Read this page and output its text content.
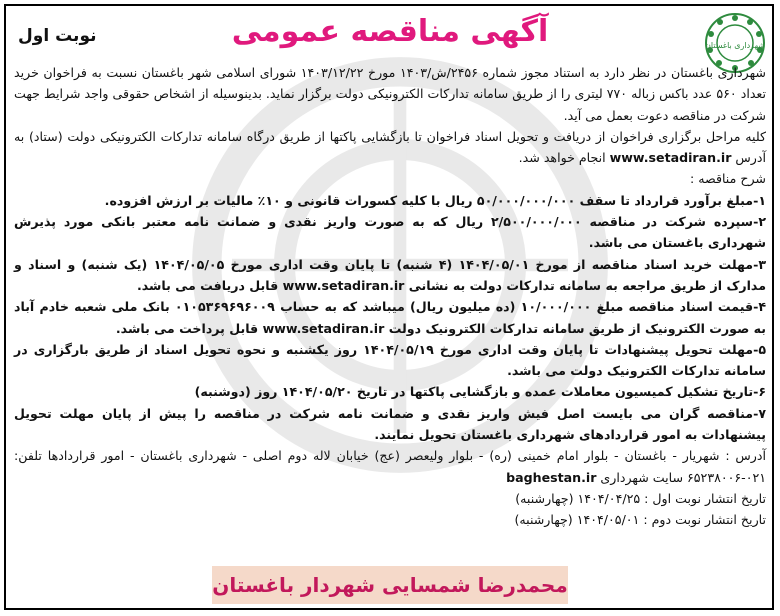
شهرداری باغستان
آگهی مناقصه عمومی
نوبت اول

شهرداری باغستان در نظر دارد به استناد مجوز شماره ۲۴۵۶/ش/۱۴۰۳ مورخ ۱۴۰۳/۱۲/۲۲ شورای اسلامی شهر باغستان نسبت به فراخوان خرید تعداد ۵۶۰ عدد باکس زباله ۷۷۰ لیتری را از طریق سامانه تدارکات الکترونیکی دولت برگزار نماید. بدینوسیله از اشخاص حقوقی واجد شرایط جهت شرکت در مناقصه دعوت بعمل می آید.

کلیه مراحل برگزاری فراخوان از دریافت و تحویل اسناد فراخوان تا بازگشایی پاکتها از طریق درگاه سامانه تدارکات الکترونیکی دولت (ستاد) به آدرس www.setadiran.ir انجام خواهد شد.

شرح مناقصه :

۱-مبلغ برآورد قرارداد تا سقف ۵۰/۰۰۰/۰۰۰/۰۰۰ ریال با کلیه کسورات قانونی و ۱۰٪ مالیات بر ارزش افزوده.

۲-سپرده شرکت در مناقصه ۲/۵۰۰/۰۰۰/۰۰۰ ریال که به صورت واریز نقدی و ضمانت نامه معتبر بانکی مورد پذیرش شهرداری باغستان می باشد.

۳-مهلت خرید اسناد مناقصه از مورخ ۱۴۰۴/۰۵/۰۱ (۴ شنبه) تا پایان وقت اداری مورخ ۱۴۰۴/۰۵/۰۵ (یک شنبه) و اسناد و مدارک از طریق مراجعه به سامانه تدارکات دولت به نشانی www.setadiran.ir قابل دریافت می باشد.

۴-قیمت اسناد مناقصه مبلغ ۱۰/۰۰۰/۰۰۰ (ده میلیون ریال) میباشد که به حساب ۰۱۰۵۳۶۹۶۹۶۰۰۹ بانک ملی شعبه خادم آباد به صورت الکترونیک از طریق سامانه تدارکات الکترونیک دولت www.setadiran.ir قابل پرداخت می باشد.

۵-مهلت تحویل پیشنهادات تا پایان وقت اداری مورخ ۱۴۰۴/۰۵/۱۹ روز یکشنبه و نحوه تحویل اسناد از طریق بارگزاری در سامانه تدارکات الکترونیک دولت می باشد.

۶-تاریخ تشکیل کمیسیون معاملات عمده و بازگشایی پاکتها در تاریخ ۱۴۰۴/۰۵/۲۰ روز (دوشنبه)

۷-مناقصه گران می بایست اصل فیش واریز نقدی و ضمانت نامه شرکت در مناقصه را پیش از پایان مهلت تحویل پیشنهادات به امور قراردادهای شهرداری باغستان تحویل نمایند.

آدرس : شهریار - باغستان - بلوار امام خمینی (ره) - بلوار ولیعصر (عج) خیابان لاله دوم اصلی - شهرداری باغستان - امور قراردادها تلفن: ۰۲۱-۶۵۲۳۸۰۰۶ سایت شهرداری baghestan.ir

تاریخ انتشار نوبت اول : ۱۴۰۴/۰۴/۲۵ (چهارشنبه)

تاریخ انتشار نوبت دوم : ۱۴۰۴/۰۵/۰۱ (چهارشنبه)

محمدرضا شمسایی شهردار باغستان
